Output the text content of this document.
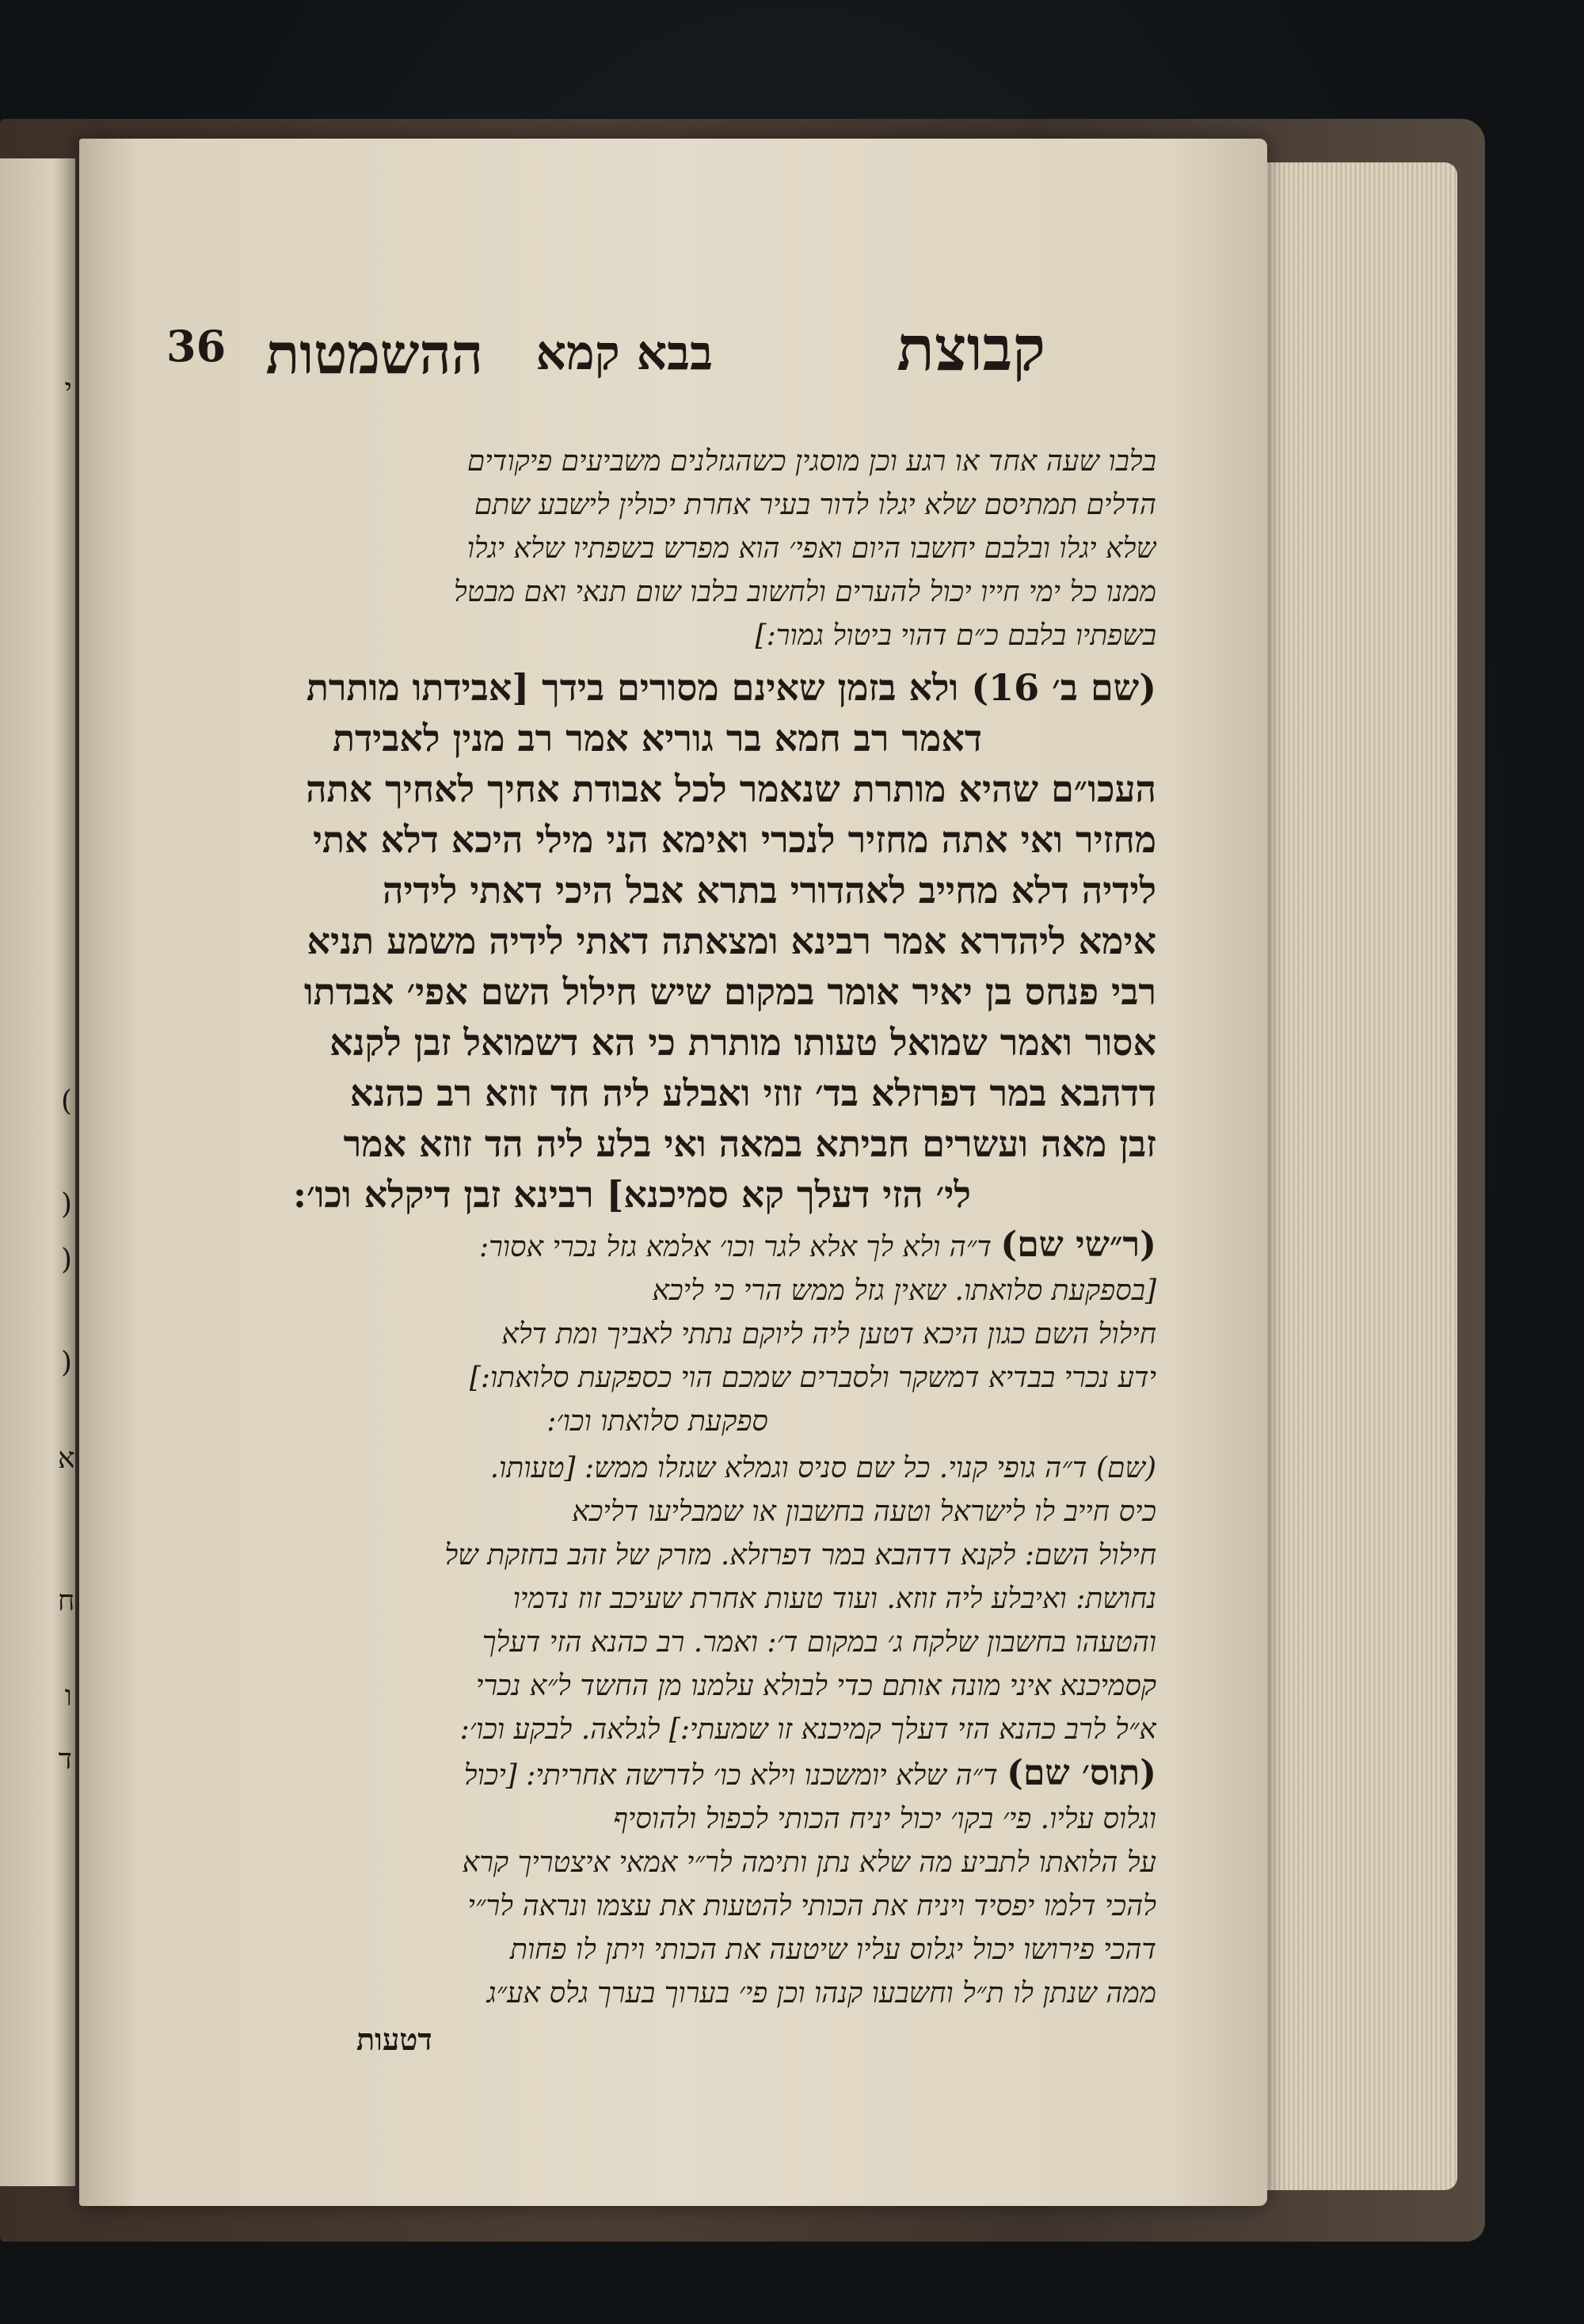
י
(
)
)
)
א
ח
ו
ד
36	קבוצת
בבא קמא
ההשמטות
בלבו שעה אחד או רגע וכן מוסגין כשהגזלנים משביעים פיקודים
הדלים תמתיסם שלא יגלו לדור בעיר אחרת יכולין לישבע שתם
שלא יגלו ובלבם יחשבו היום ואפי׳ הוא מפרש בשפתיו שלא יגלו
ממנו כל ימי חייו יכול להערים ולחשוב בלבו שום תנאי ואם מבטל
בשפתיו בלבם כ״ם דהוי ביטול גמור:]
(שם ב׳ 16) ולא בזמן שאינם מסורים בידך [אבידתו מותרת
דאמר רב חמא בר גוריא אמר רב מנין לאבידת
העכו״ם שהיא מותרת שנאמר לכל אבודת אחיך לאחיך אתה
מחזיר ואי אתה מחזיר לנכרי ואימא הני מילי היכא דלא אתי
לידיה דלא מחייב לאהדורי בתרא אבל היכי דאתי לידיה
אימא ליהדרא אמר רבינא ומצאתה דאתי לידיה משמע תניא
רבי פנחס בן יאיר אומר במקום שיש חילול השם אפי׳ אבדתו
אסור ואמר שמואל טעותו מותרת כי הא דשמואל זבן לקנא
דדהבא במר דפרזלא בד׳ זוזי ואבלע ליה חד זוזא רב כהנא
זבן מאה ועשרים חביתא במאה ואי בלע ליה הד זוזא אמר
לי׳ הזי דעלך קא סמיכנא] רבינא זבן דיקלא וכו׳:
(ר״שי שם) ד״ה ולא לך אלא לגר וכו׳ אלמא גזל נכרי אסור:
[בספקעת סלואתו. שאין גזל ממש הרי כי ליכא
חילול השם כגון היכא דטען ליה ליוקם נתתי לאביך ומת דלא
ידע נכרי בבדיא דמשקר ולסברים שמכם הוי כספקעת סלואתו:]
ספקעת סלואתו וכו׳:
(שם) ד״ה גופי קנוי. כל שם סניס וגמלא שגזלו ממש: [טעותו.
כיס חייב לו לישראל וטעה בחשבון או שמבליעו דליכא
חילול השם: לקנא דדהבא במר דפרזלא. מזרק של זהב בחזקת של
נחושת: ואיבלע ליה זוזא. ועוד טעות אחרת שעיכב זוז נדמיו
והטעהו בחשבון שלקח ג׳ במקום ד׳: ואמר. רב כהנא הזי דעלך
קסמיכנא איני מונה אותם כדי לבולא עלמנו מן החשד ל״א נכרי
א״ל לרב כהנא הזי דעלך קמיכנא זו שמעתי:] לגלאה. לבקע וכו׳:
(תוס׳ שם) ד״ה שלא יומשכנו וילא כו׳ לדרשה אחריתי: [יכול
וגלוס עליו. פי׳ בקו׳ יכול יניח הכותי לכפול ולהוסיף
על הלואתו לתביע מה שלא נתן ותימה לר״י אמאי איצטריך קרא
להכי דלמו יפסיד ויניח את הכותי להטעות את עצמו ונראה לר״י
דהכי פירושו יכול יגלוס עליו שיטעה את הכותי ויתן לו פחות
ממה שנתן לו ת״ל וחשבעו קנהו וכן פי׳ בערוך בערך גלס אע״ג
דטעות
